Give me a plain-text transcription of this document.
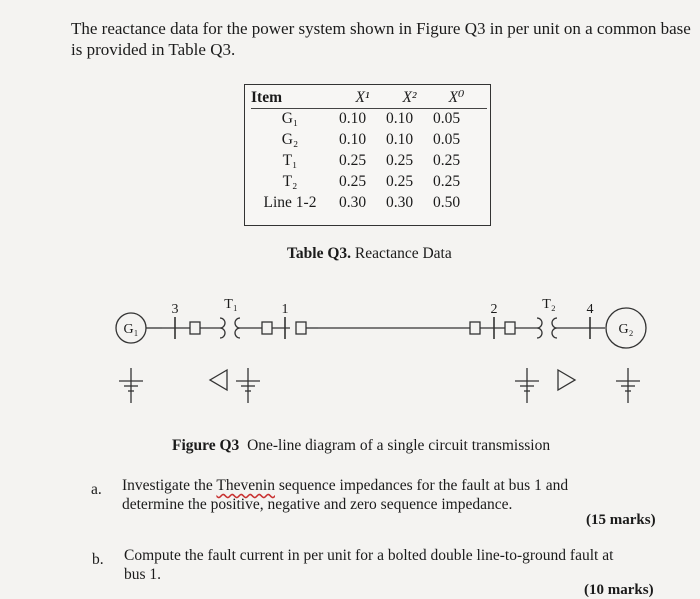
The reactance data for the power system shown in Figure Q3 in per unit on a common base is provided in Table Q3.

Item	X¹	X²	X⁰
G₁	0.10	0.10	0.05
G₂	0.10	0.10	0.05
T₁	0.25	0.25	0.25
T₂	0.25	0.25	0.25
Line 1-2	0.30	0.30	0.50

Table Q3. Reactance Data

G₁	G₂
T₁	T₂
3	1	2	4

Figure Q3 One-line diagram of a single circuit transmission

a. Investigate the Thevenin sequence impedances for the fault at bus 1 and
determine the positive, negative and zero sequence impedance.

(15 marks)
b. Compute the fault current in per unit for a bolted double line-to-ground fault at
bus 1.

(10 marks)
